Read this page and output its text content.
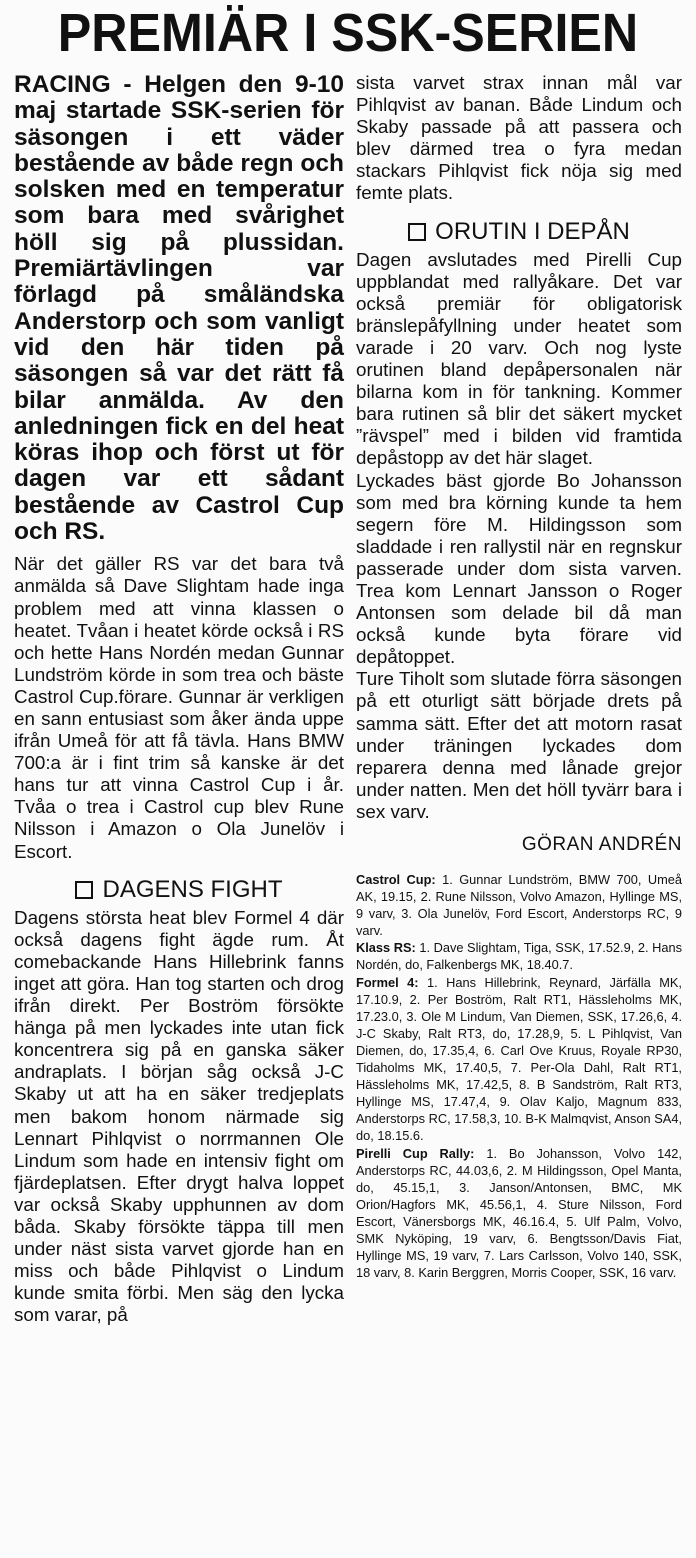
PREMIÄR I SSK-SERIEN

RACING - Helgen den 9-10 maj startade SSK-serien för säsongen i ett väder bestående av både regn och solsken med en temperatur som bara med svårighet höll sig på plussidan. Premiärtävlingen var förlagd på småländska Anderstorp och som vanligt vid den här tiden på säsongen så var det rätt få bilar anmälda. Av den anledningen fick en del heat köras ihop och först ut för dagen var ett sådant bestående av Castrol Cup och RS.

När det gäller RS var det bara två anmälda så Dave Slightam hade inga problem med att vinna klassen o heatet. Tvåan i heatet körde också i RS och hette Hans Nordén medan Gunnar Lundström körde in som trea och bäste Castrol Cup.förare. Gunnar är verkligen en sann entusiast som åker ända uppe ifrån Umeå för att få tävla. Hans BMW 700:a är i fint trim så kanske är det hans tur att vinna Castrol Cup i år. Tvåa o trea i Castrol cup blev Rune Nilsson i Amazon o Ola Junelöv i Escort.

DAGENS FIGHT

Dagens största heat blev Formel 4 där också dagens fight ägde rum. Åt comebackande Hans Hillebrink fanns inget att göra. Han tog starten och drog ifrån direkt. Per Boström försökte hänga på men lyckades inte utan fick koncentrera sig på en ganska säker andraplats. I början såg också J-C Skaby ut att ha en säker tredjeplats men bakom honom närmade sig Lennart Pihlqvist o norrmannen Ole Lindum som hade en intensiv fight om fjärdeplatsen. Efter drygt halva loppet var också Skaby upphunnen av dom båda. Skaby försökte täppa till men under näst sista varvet gjorde han en miss och både Pihlqvist o Lindum kunde smita förbi. Men säg den lycka som varar, på

sista varvet strax innan mål var Pihlqvist av banan. Både Lindum och Skaby passade på att passera och blev därmed trea o fyra medan stackars Pihlqvist fick nöja sig med femte plats.

ORUTIN I DEPÅN

Dagen avslutades med Pirelli Cup uppblandat med rallyåkare. Det var också premiär för obligatorisk bränslepåfyllning under heatet som varade i 20 varv. Och nog lyste orutinen bland depåpersonalen när bilarna kom in för tankning. Kommer bara rutinen så blir det säkert mycket ”rävspel” med i bilden vid framtida depåstopp av det här slaget.

Lyckades bäst gjorde Bo Johansson som med bra körning kunde ta hem segern före M. Hildingsson som sladdade i ren rallystil när en regnskur passerade under dom sista varven. Trea kom Lennart Jansson o Roger Antonsen som delade bil då man också kunde byta förare vid depåtoppet.

Ture Tiholt som slutade förra säsongen på ett oturligt sätt började drets på samma sätt. Efter det att motorn rasat under träningen lyckades dom reparera denna med lånade grejor under natten. Men det höll tyvärr bara i sex varv.

GÖRAN ANDRÉN

Castrol Cup: 1. Gunnar Lundström, BMW 700, Umeå AK, 19.15, 2. Rune Nilsson, Volvo Amazon, Hyllinge MS, 9 varv, 3. Ola Junelöv, Ford Escort, Anderstorps RC, 9 varv.

Klass RS: 1. Dave Slightam, Tiga, SSK, 17.52.9, 2. Hans Nordén, do, Falkenbergs MK, 18.40.7.

Formel 4: 1. Hans Hillebrink, Reynard, Järfälla MK, 17.10.9, 2. Per Boström, Ralt RT1, Hässleholms MK, 17.23.0, 3. Ole M Lindum, Van Diemen, SSK, 17.26,6, 4. J-C Skaby, Ralt RT3, do, 17.28,9, 5. L Pihlqvist, Van Diemen, do, 17.35,4, 6. Carl Ove Kruus, Royale RP30, Tidaholms MK, 17.40,5, 7. Per-Ola Dahl, Ralt RT1, Hässleholms MK, 17.42,5, 8. B Sandström, Ralt RT3, Hyllinge MS, 17.47,4, 9. Olav Kaljo, Magnum 833, Anderstorps RC, 17.58,3, 10. B-K Malmqvist, Anson SA4, do, 18.15.6.

Pirelli Cup Rally: 1. Bo Johansson, Volvo 142, Anderstorps RC, 44.03,6, 2. M Hildingsson, Opel Manta, do, 45.15,1, 3. Janson/Antonsen, BMC, MK Orion/Hagfors MK, 45.56,1, 4. Sture Nilsson, Ford Escort, Vänersborgs MK, 46.16.4, 5. Ulf Palm, Volvo, SMK Nyköping, 19 varv, 6. Bengtsson/Davis Fiat, Hyllinge MS, 19 varv, 7. Lars Carlsson, Volvo 140, SSK, 18 varv, 8. Karin Berggren, Morris Cooper, SSK, 16 varv.
